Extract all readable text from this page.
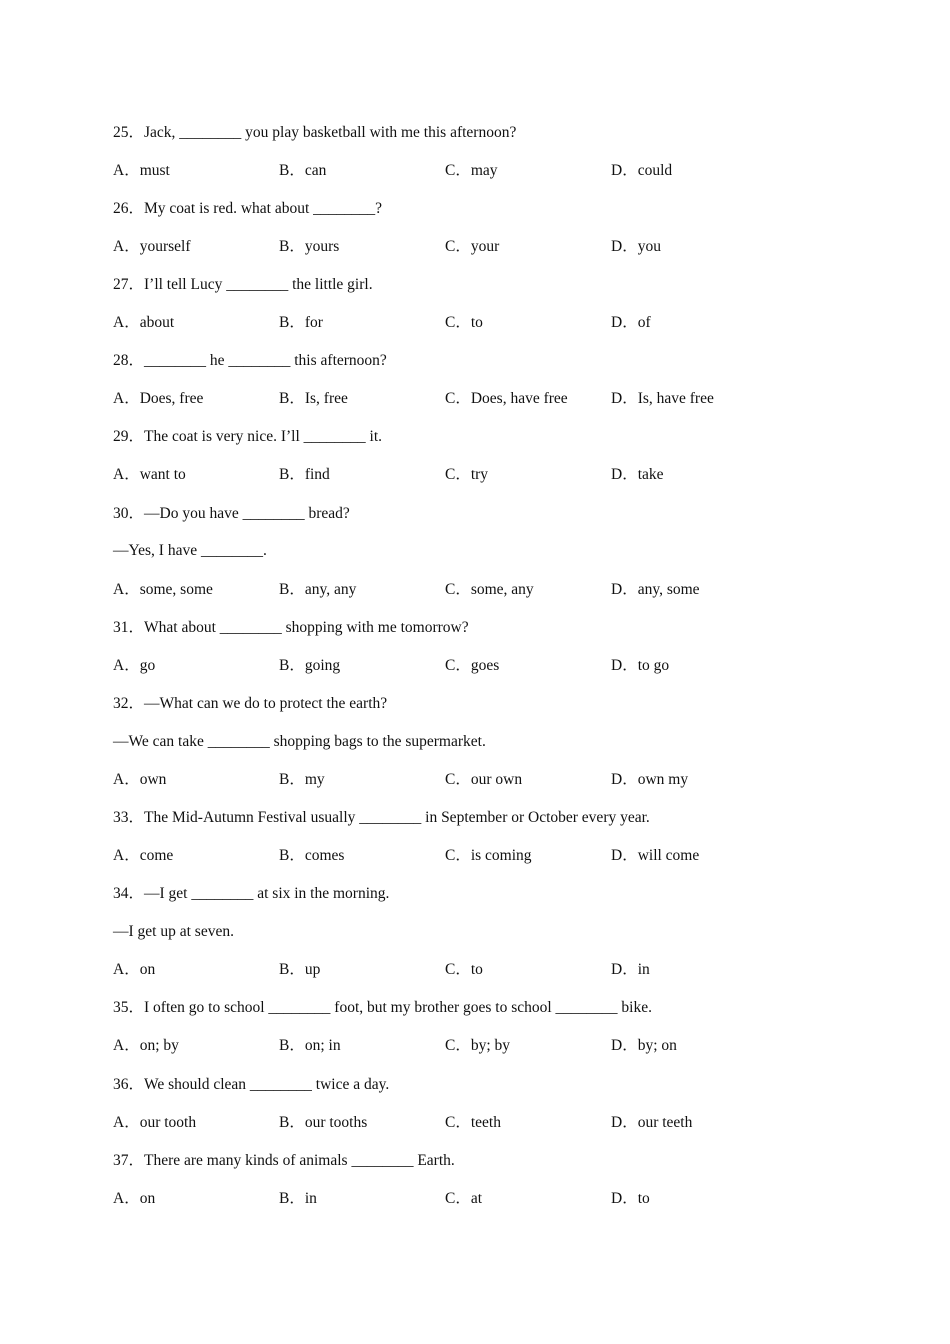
25．Jack, ________ you play basketball with me this afternoon?
A．must	B．can	C．may	D．could
26．My coat is red. what about ________?
A．yourself	B．yours	C．your	D．you
27．I’ll tell Lucy ________ the little girl.
A．about	B．for	C．to	D．of
28．________ he ________ this afternoon?
A．Does, free	B．Is, free	C．Does, have free	D．Is, have free
29．The coat is very nice. I’ll ________ it.
A．want to	B．find	C．try	D．take
30．—Do you have ________ bread?
—Yes, I have ________.
A．some, some	B．any, any	C．some, any	D．any, some
31．What about ________ shopping with me tomorrow?
A．go	B．going	C．goes	D．to go
32．—What can we do to protect the earth?
—We can take ________ shopping bags to the supermarket.
A．own	B．my	C．our own	D．own my
33．The Mid-Autumn Festival usually ________ in September or October every year.
A．come	B．comes	C．is coming	D．will come
34．—I get ________ at six in the morning.
—I get up at seven.
A．on	B．up	C．to	D．in
35．I often go to school ________ foot, but my brother goes to school ________ bike.
A．on; by	B．on; in	C．by; by	D．by; on
36．We should clean ________ twice a day.
A．our tooth	B．our tooths	C．teeth	D．our teeth
37．There are many kinds of animals ________ Earth.
A．on	B．in	C．at	D．to
